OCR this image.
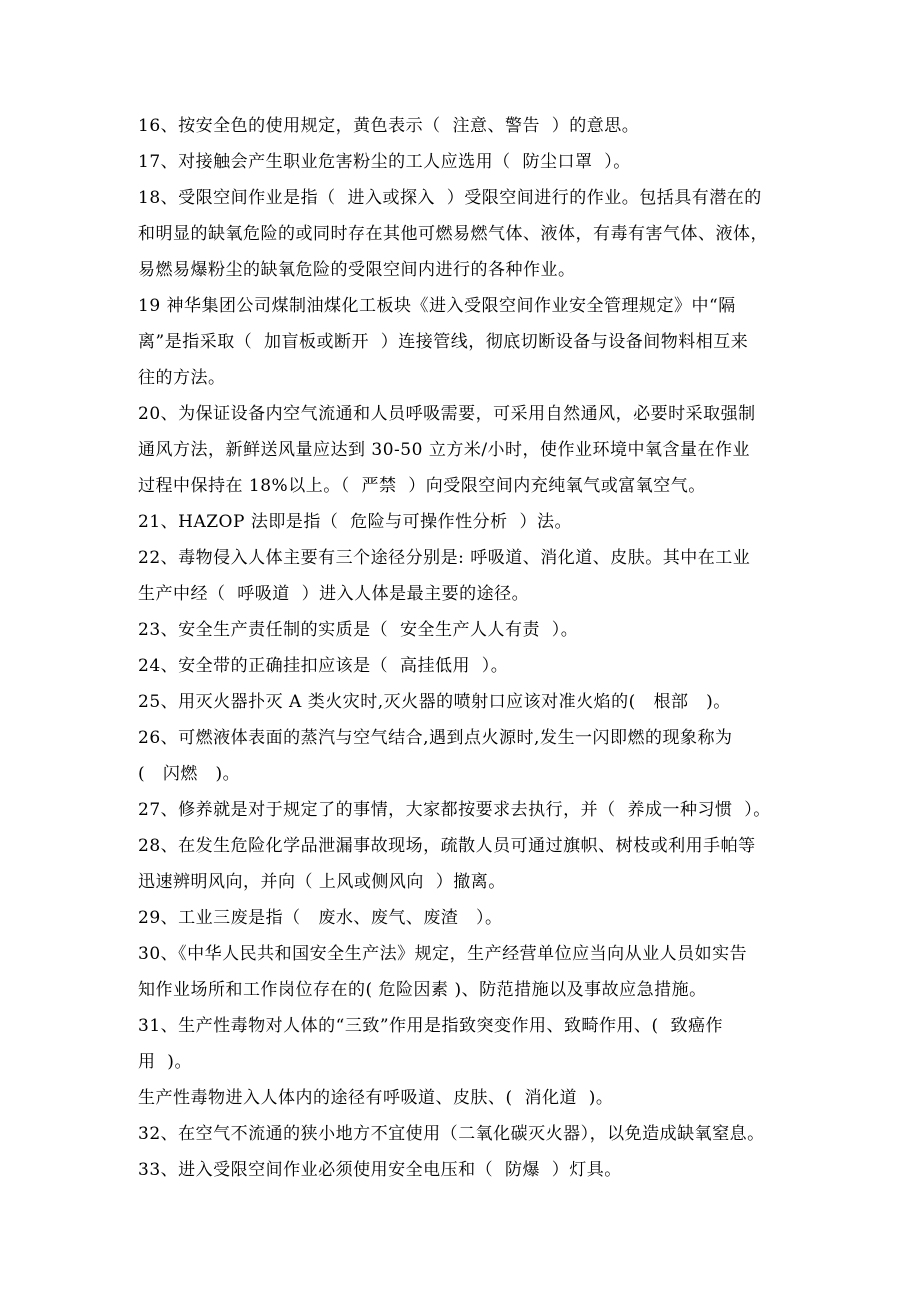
16、按安全色的使用规定，黄色表示（  注意、警告  ）的意思。

17、对接触会产生职业危害粉尘的工人应选用（  防尘口罩  ）。

18、受限空间作业是指（  进入或探入  ）受限空间进行的作业。包括具有潜在的

和明显的缺氧危险的或同时存在其他可燃易燃气体、液体，有毒有害气体、液体，

易燃易爆粉尘的缺氧危险的受限空间内进行的各种作业。

19 神华集团公司煤制油煤化工板块《进入受限空间作业安全管理规定》中“隔

离”是指采取（  加盲板或断开  ）连接管线，彻底切断设备与设备间物料相互来

往的方法。

20、为保证设备内空气流通和人员呼吸需要，可采用自然通风，必要时采取强制

通风方法，新鲜送风量应达到 30-50 立方米/小时，使作业环境中氧含量在作业

过程中保持在 18%以上。（  严禁  ）向受限空间内充纯氧气或富氧空气。

21、HAZOP 法即是指（  危险与可操作性分析  ）法。

22、毒物侵入人体主要有三个途径分别是: 呼吸道、消化道、皮肤。其中在工业

生产中经（  呼吸道  ）进入人体是最主要的途径。

23、安全生产责任制的实质是（  安全生产人人有责  ）。

24、安全带的正确挂扣应该是（  高挂低用  ）。

25、用灭火器扑灭 A 类火灾时,灭火器的喷射口应该对准火焰的(   根部   )。

26、可燃液体表面的蒸汽与空气结合,遇到点火源时,发生一闪即燃的现象称为

(   闪燃   )。

27、修养就是对于规定了的事情，大家都按要求去执行，并（  养成一种习惯  ）。

28、在发生危险化学品泄漏事故现场，疏散人员可通过旗帜、树枝或利用手帕等

迅速辨明风向，并向（ 上风或侧风向  ）撤离。

29、工业三废是指（   废水、废气、废渣   ）。

30、《中华人民共和国安全生产法》规定，生产经营单位应当向从业人员如实告

知作业场所和工作岗位存在的( 危险因素 )、防范措施以及事故应急措施。

31、生产性毒物对人体的“三致”作用是指致突变作用、致畸作用、(  致癌作

用  )。

生产性毒物进入人体内的途径有呼吸道、皮肤、(  消化道  )。

32、在空气不流通的狭小地方不宜使用（二氧化碳灭火器），以免造成缺氧窒息。

33、进入受限空间作业必须使用安全电压和（  防爆  ）灯具。
